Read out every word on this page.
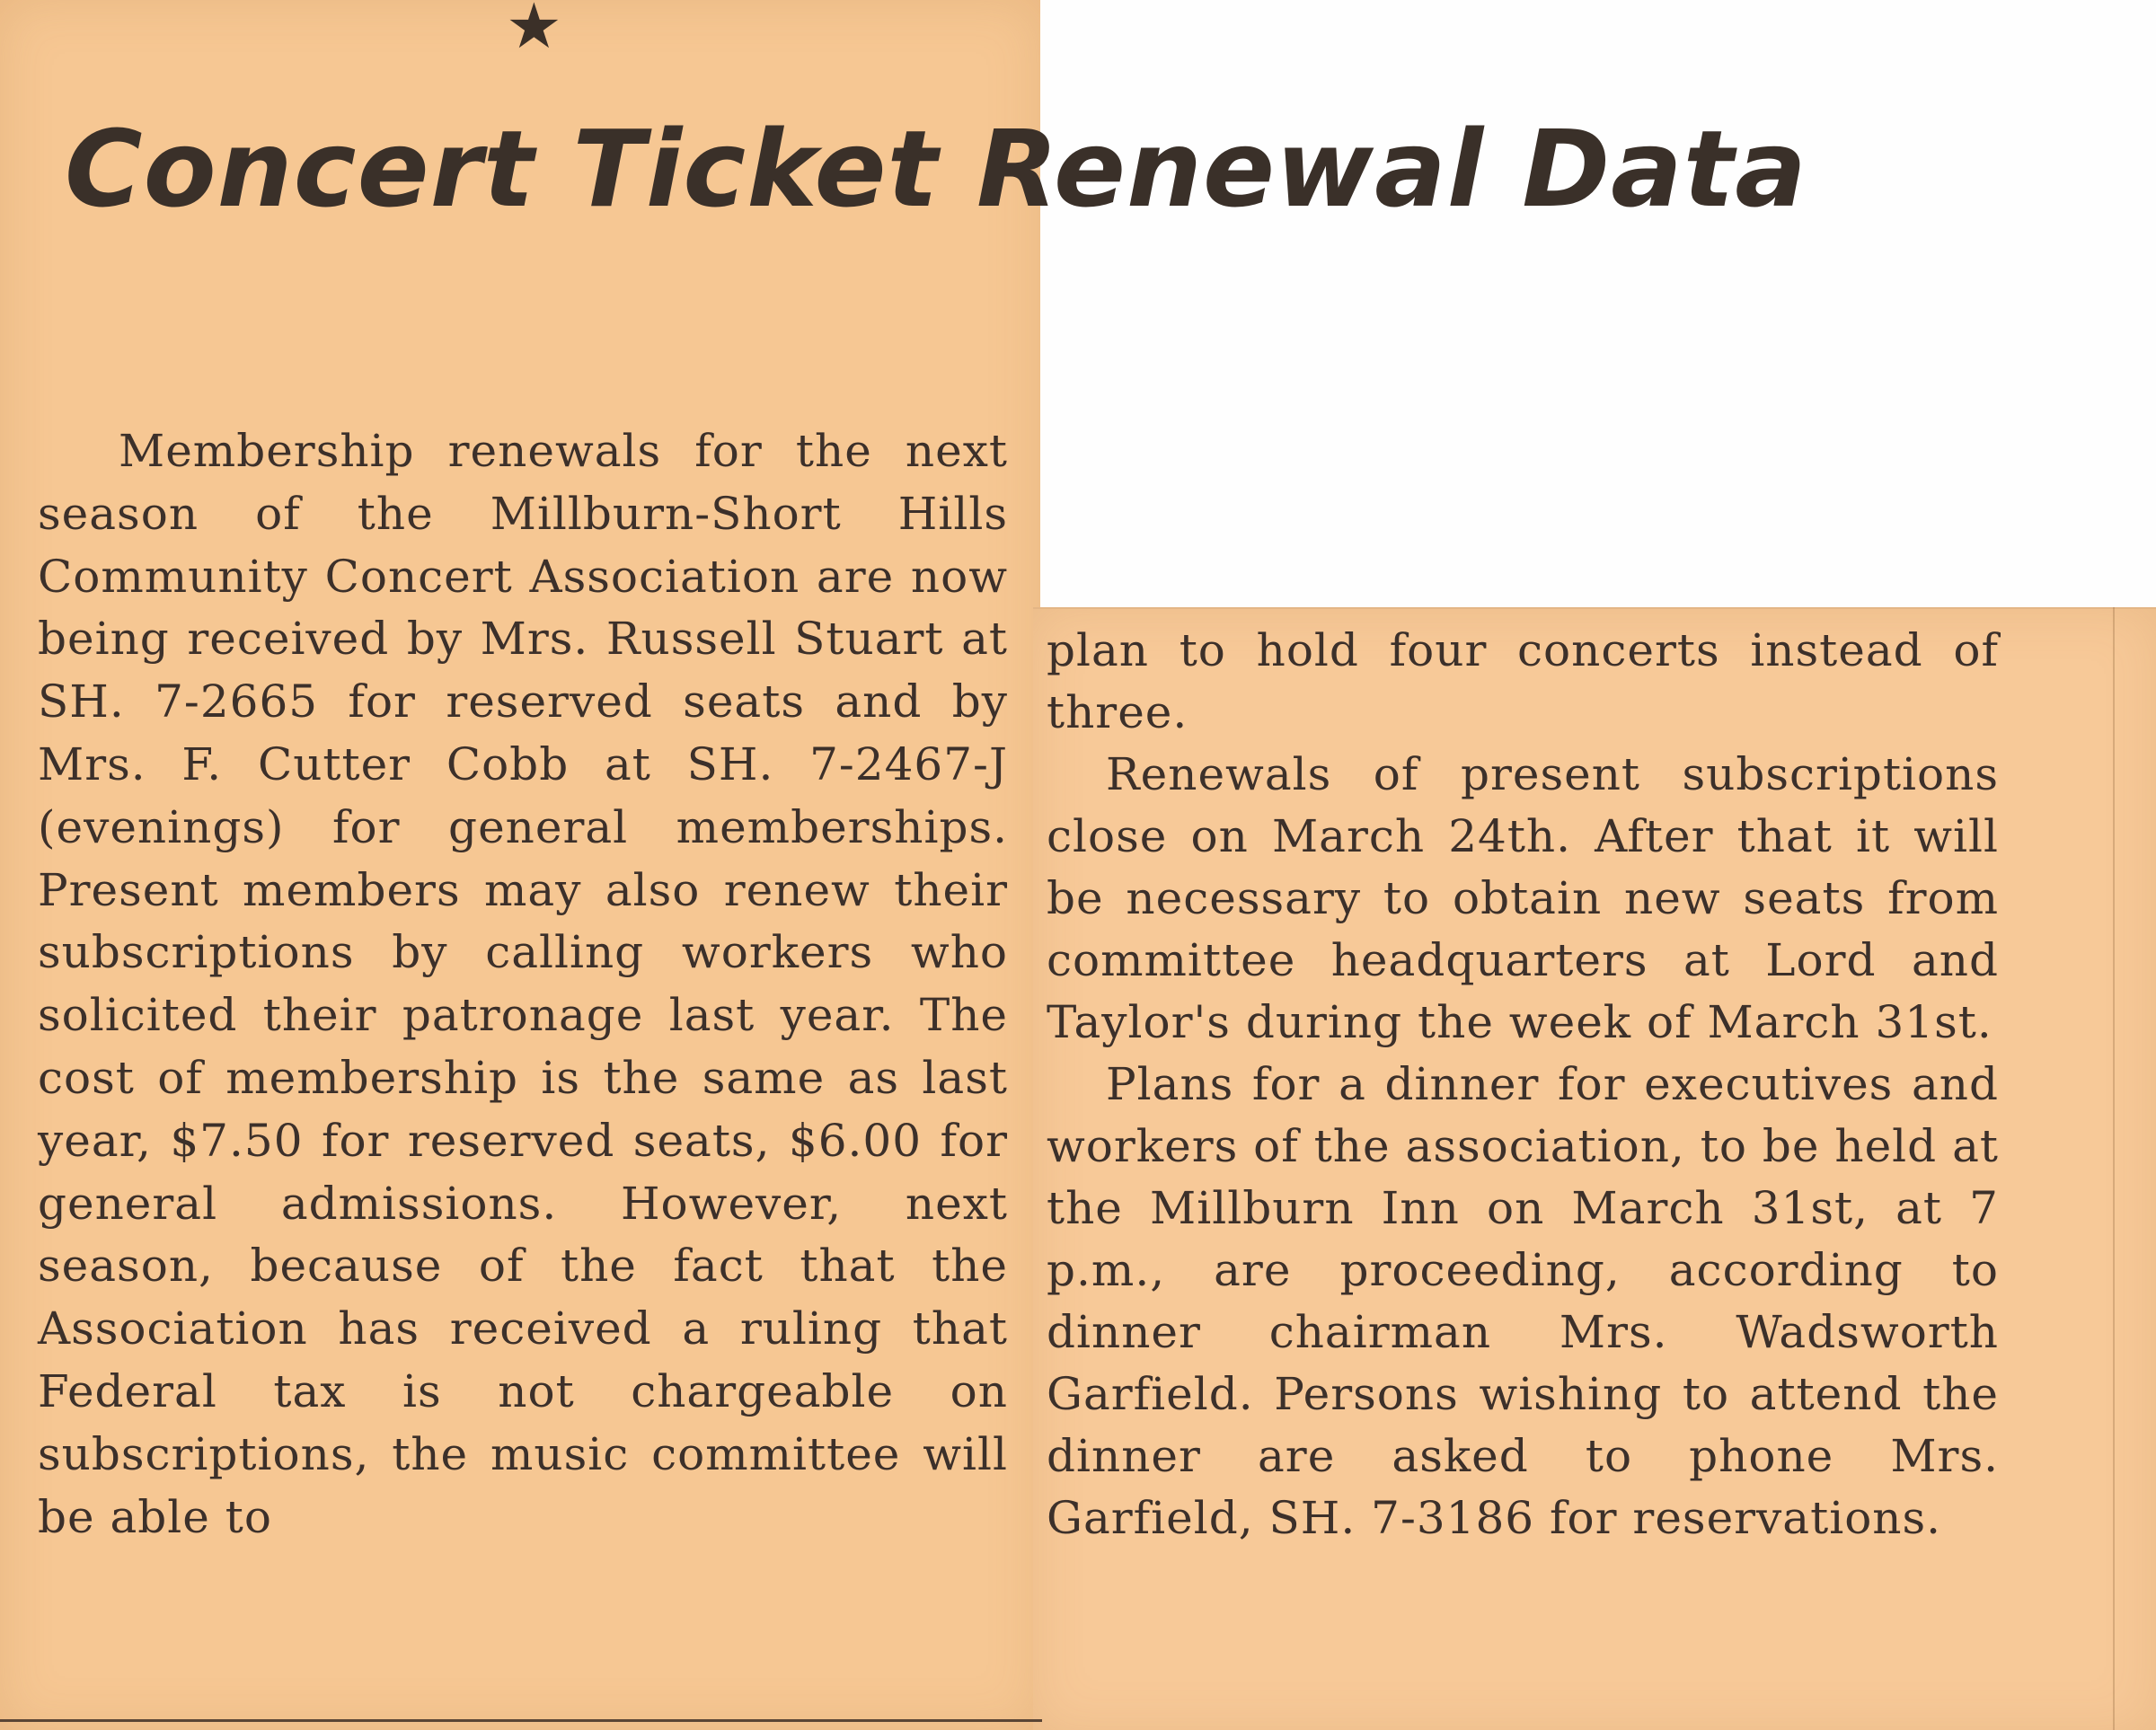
★
Concert Ticket Renewal Data

Membership renewals for the next season of the Millburn-Short Hills Community Concert Association are now being received by Mrs. Russell Stuart at SH. 7-2665 for reserved seats and by Mrs. F. Cutter Cobb at SH. 7-2467-J (evenings) for general memberships. Present members may also renew their subscriptions by calling workers who solicited their patronage last year. The cost of membership is the same as last year, $7.50 for reserved seats, $6.00 for general admissions. However, next season, because of the fact that the Association has received a ruling that Federal tax is not chargeable on subscriptions, the music committee will be able to

plan to hold four concerts instead of three.

Renewals of present subscriptions close on March 24th. After that it will be necessary to obtain new seats from committee headquarters at Lord and Taylor's during the week of March 31st.

Plans for a dinner for executives and workers of the association, to be held at the Millburn Inn on March 31st, at 7 p.m., are proceeding, according to dinner chairman Mrs. Wadsworth Garfield. Persons wishing to attend the dinner are asked to phone Mrs. Garfield, SH. 7-3186 for reservations.
